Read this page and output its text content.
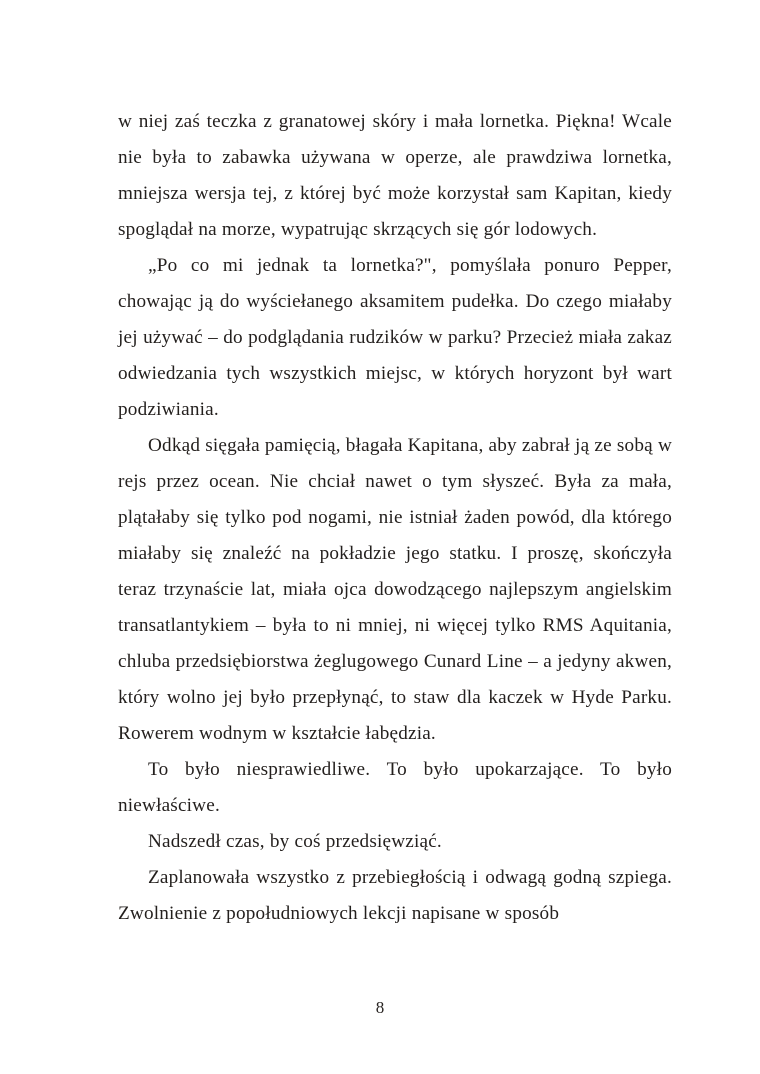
w niej zaś teczka z granatowej skóry i mała lornetka. Piękna! Wcale nie była to zabawka używana w operze, ale prawdziwa lornetka, mniejsza wersja tej, z której być może korzystał sam Kapitan, kiedy spoglądał na morze, wypatrując skrzących się gór lodowych.

„Po co mi jednak ta lornetka?", pomyślała ponuro Pepper, chowając ją do wyściełanego aksamitem pudełka. Do czego miałaby jej używać – do podglądania rudzików w parku? Przecież miała zakaz odwiedzania tych wszystkich miejsc, w których horyzont był wart podziwiania.

Odkąd sięgała pamięcią, błagała Kapitana, aby zabrał ją ze sobą w rejs przez ocean. Nie chciał nawet o tym słyszeć. Była za mała, plątałaby się tylko pod nogami, nie istniał żaden powód, dla którego miałaby się znaleźć na pokładzie jego statku. I proszę, skończyła teraz trzynaście lat, miała ojca dowodzącego najlepszym angielskim transatlantykiem – była to ni mniej, ni więcej tylko RMS Aquitania, chluba przedsiębiorstwa żeglugowego Cunard Line – a jedyny akwen, który wolno jej było przepłynąć, to staw dla kaczek w Hyde Parku. Rowerem wodnym w kształcie łabędzia.

To było niesprawiedliwe. To było upokarzające. To było niewłaściwe.

Nadszedł czas, by coś przedsięwziąć.

Zaplanowała wszystko z przebiegłością i odwagą godną szpiega. Zwolnienie z popołudniowych lekcji napisane w sposób

8
